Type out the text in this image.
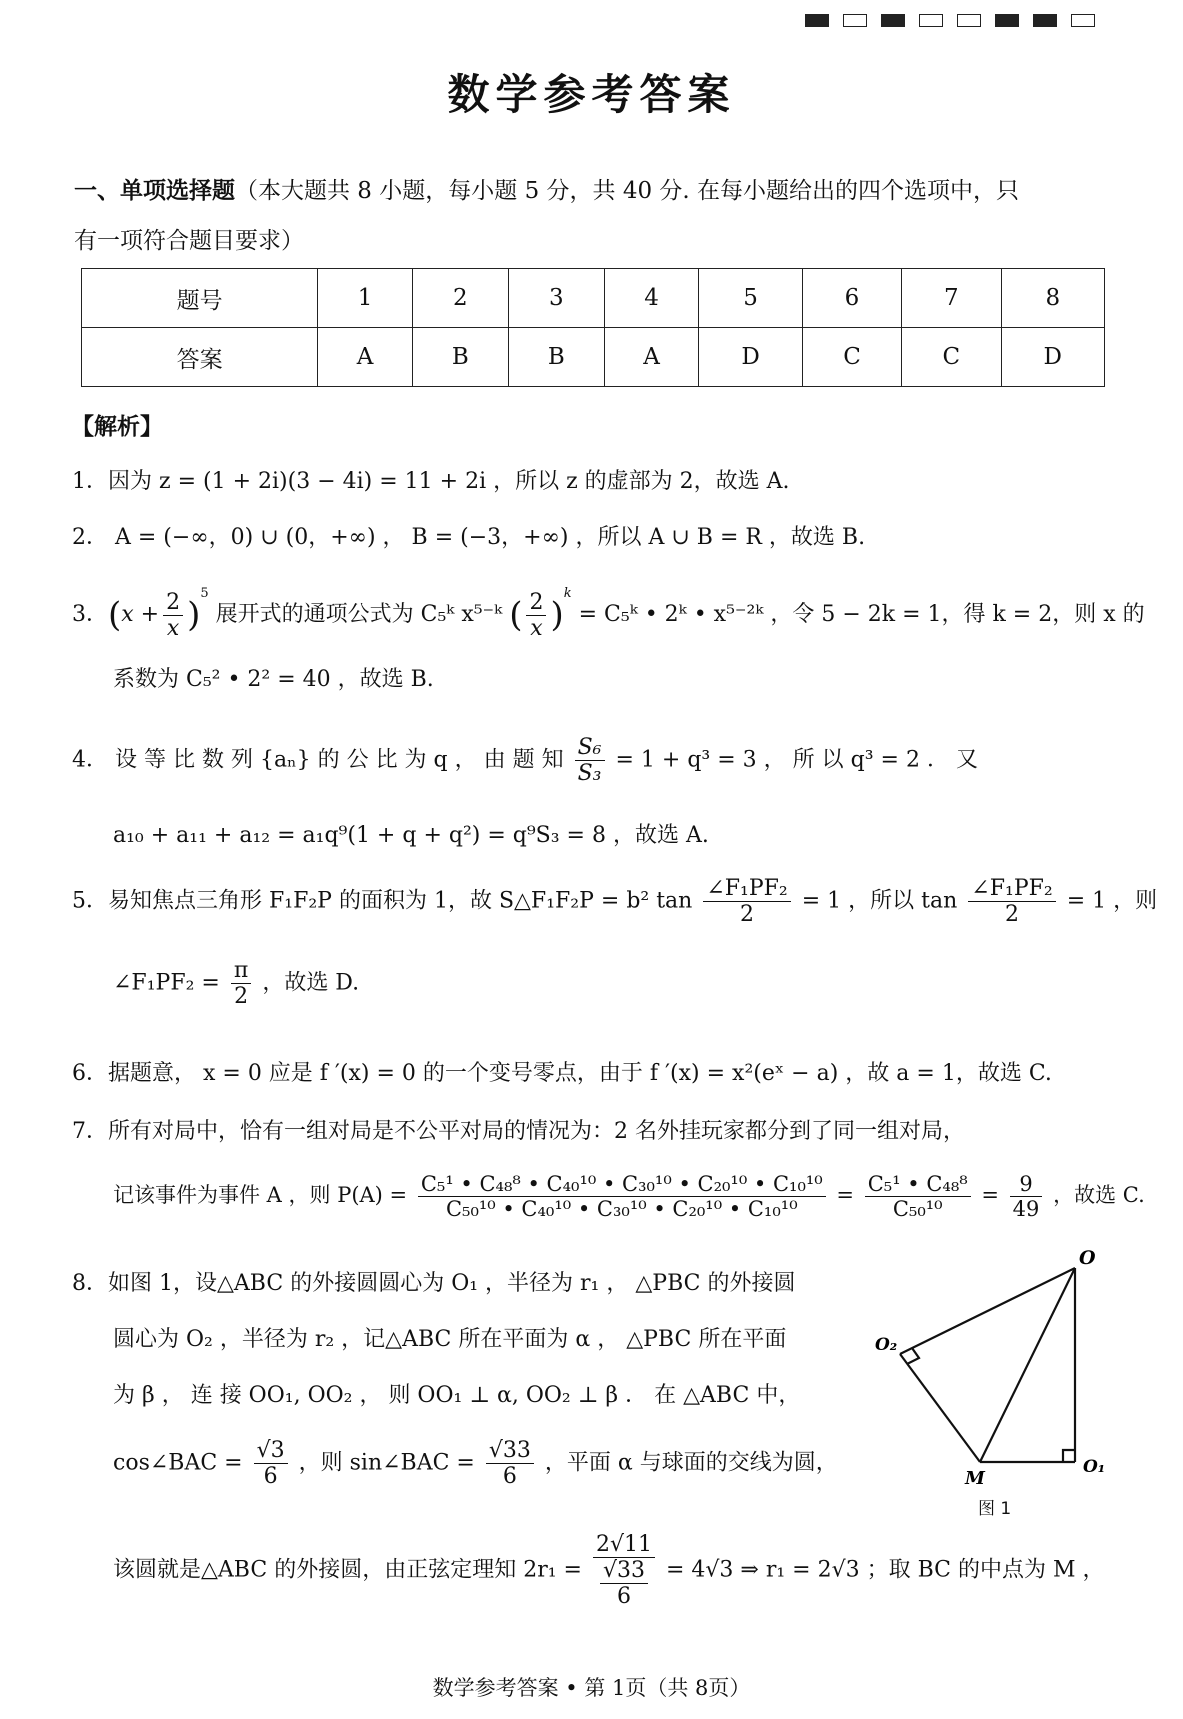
数学参考答案
一、单项选择题（本大题共 8 小题，每小题 5 分，共 40 分. 在每小题给出的四个选项中，只
有一项符合题目要求）
题号	1	2	3	4	5	6	7	8
答案	A	B	B	A	D	C	C	D
【解析】
1．因为 z = (1 + 2i)(3 − 4i) = 11 + 2i ，所以 z 的虚部为 2，故选 A.
2． A = (−∞，0) ∪ (0，+∞) ， B = (−3，+∞) ，所以 A ∪ B = R ，故选 B.
3．$(x + \frac{2}{x} )^5$ 展开式的通项公式为 C₅ᵏ x⁵⁻ᵏ ( $\frac{2}{x} )^k$ = C₅ᵏ • 2ᵏ • x⁵⁻²ᵏ ，令 5 − 2k = 1，得 k = 2，则 x 的
系数为 C₅² • 2² = 40 ，故选 B.
4． 设 等 比 数 列 {aₙ} 的 公 比 为 q ， 由 题 知 $\frac{\text{S₆}}{\text{S₃}} = 1 + q^3 = 3$ ， 所 以 q³ = 2 ． 又
a₁₀ + a₁₁ + a₁₂ = a₁q⁹(1 + q + q²) = q⁹S₃ = 8 ，故选 A.
5．易知焦点三角形 F₁F₂P 的面积为 1，故 S△F₁F₂P = b² $\tan \frac{\text{∠F₁PF₂}}{2} = 1$ ，所以 $\tan \frac{\text{∠F₁PF₂}}{2} = 1$ ，则
∠F₁PF₂ = $\frac{\pi}{2}$ ，故选 D.
6．据题意， x = 0 应是 f ′(x) = 0 的一个变号零点，由于 f ′(x) = x²(eˣ − a) ，故 a = 1，故选 C.
7．所有对局中，恰有一组对局是不公平对局的情况为：2 名外挂玩家都分到了同一组对局，
记该事件为事件 A ，则 $P(A) = \frac{\text{C₅¹ • C₄₈⁸ • C₄₀¹⁰ • C₃₀¹⁰ • C₂₀¹⁰ • C₁₀¹⁰}}{\text{C₅₀¹⁰ • C₄₀¹⁰ • C₃₀¹⁰ • C₂₀¹⁰ • C₁₀¹⁰}} = \frac{\text{C₅¹ • C₄₈⁸}}{\text{C₅₀¹⁰}} = \frac{9}{49}$ ，故选 C.
8．如图 1，设△ABC 的外接圆圆心为 O₁ ，半径为 r₁ ， △PBC 的外接圆
圆心为 O₂ ，半径为 r₂ ，记△ABC 所在平面为 α ， △PBC 所在平面
为 β ， 连 接 OO₁, OO₂ ， 则 OO₁ ⊥ α, OO₂ ⊥ β ． 在 △ABC 中，
cos∠BAC = $\frac{√3}{6}$ ，则 sin∠BAC = $\frac{√33}{6}$ ，平面 α 与球面的交线为圆，
该圆就是△ABC 的外接圆，由正弦定理知 $2r_1 = \frac{2√11}{\frac{√33}{6}} = 4√3$ ⇒ r₁ = 2√3 ；取 BC 的中点为 M ，
O
O₂
M
O₁
图 1
数学参考答案 • 第 1页（共 8页）
